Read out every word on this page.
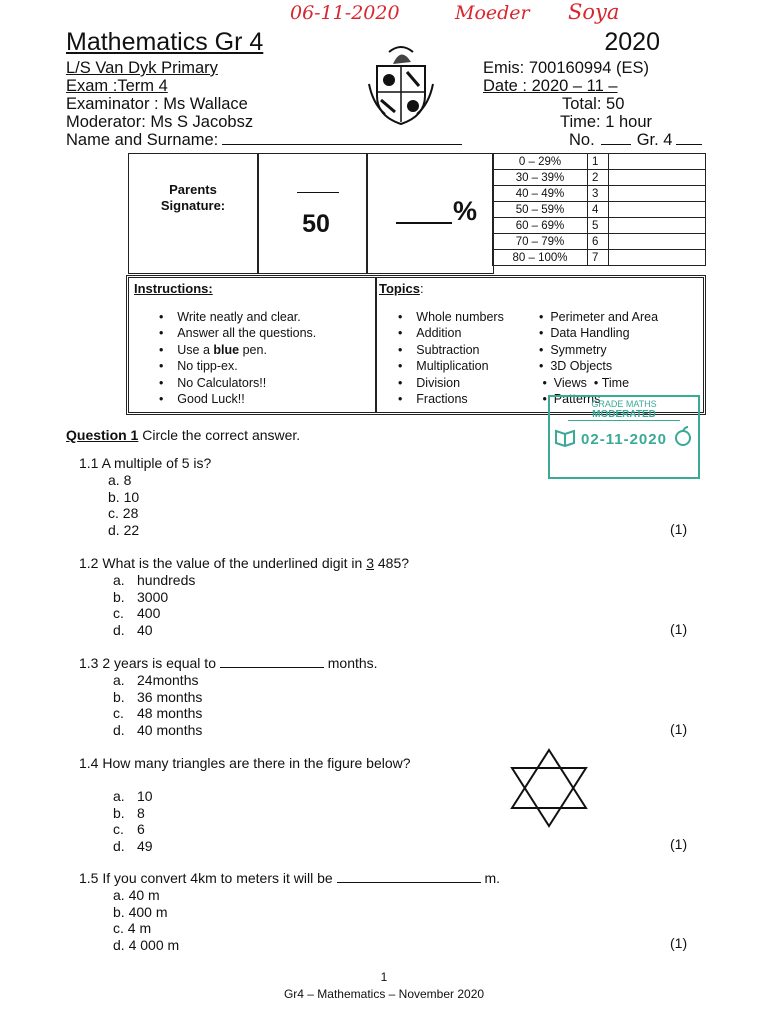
06-11-2020	Moeder Soya
Mathematics Gr 4	2020
L/S Van Dyk Primary
Exam :Term 4
Examinator : Ms Wallace
Moderator: Ms S Jacobsz
Name and Surname:
Emis: 700160994 (ES)
Date : 2020 – 11 –
Total: 50
Time: 1 hour
No.	Gr. 4
Parents
Signature:
50	%
0 – 29%	1	
30 – 39%	2	
40 – 49%	3	
50 – 59%	4	
60 – 69%	5	
70 – 79%	6	
80 – 100%	7	
Instructions:
•    Write neatly and clear.
•    Answer all the questions.
•    Use a blue pen.
•    No tipp-ex.
•    No Calculators!!
•    Good Luck!!
Topics:
•    Whole numbers
•    Addition
•    Subtraction
•    Multiplication
•    Division
•    Fractions
•  Perimeter and Area
•  Data Handling
•  Symmetry
•  3D Objects
•  Views  • Time
•  Patterns
GRADE MATHS
MODERATED
02-11-2020
Question 1 Circle the correct answer.
1.1 A multiple of 5 is?
a. 8
b. 10
c. 28
d. 22	(1)
1.2 What is the value of the underlined digit in 3 485?
a. hundreds
b. 3000
c. 400
d. 40	(1)
1.3 2 years is equal to	months.
a. 24months
b. 36 months
c. 48 months
d. 40 months	(1)
1.4 How many triangles are there in the figure below?
a. 10
b. 8
c. 6
d. 49	(1)
1.5 If you convert 4km to meters it will be	m.
a. 40 m
b. 400 m
c. 4 m
d. 4 000 m	(1)
1
Gr4 – Mathematics – November 2020
